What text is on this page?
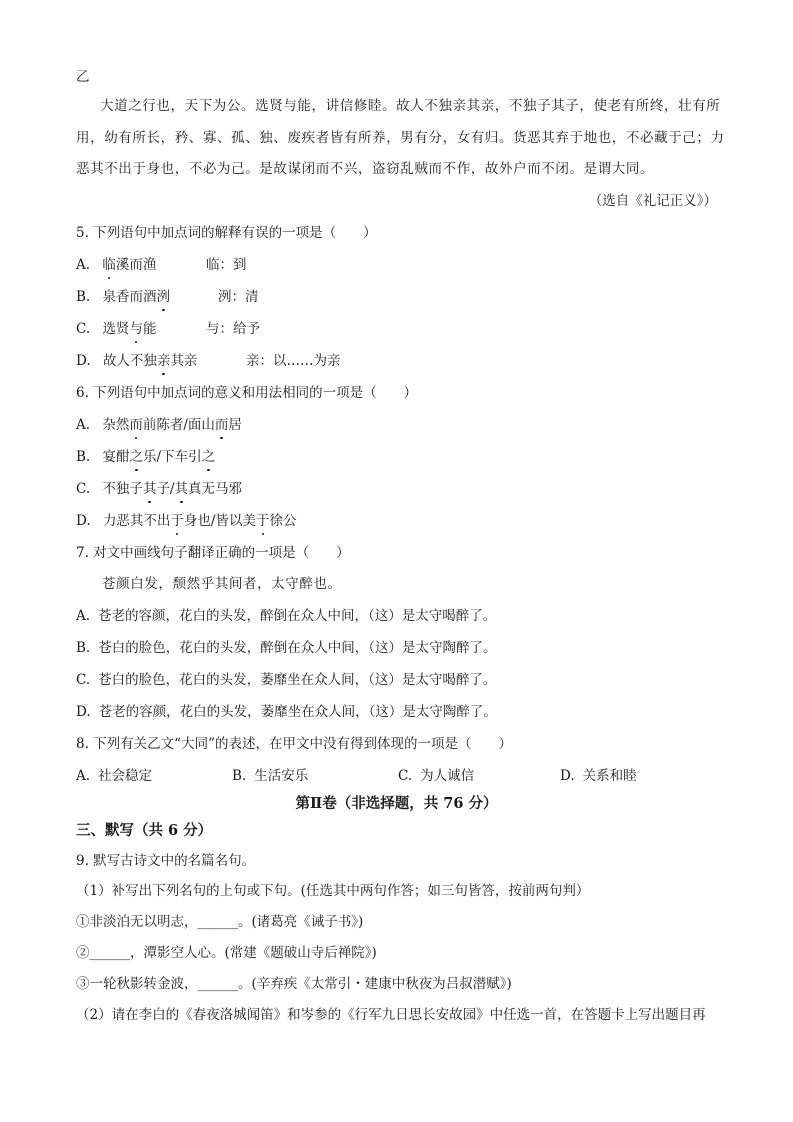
乙
大道之行也，天下为公。选贤与能，讲信修睦。故人不独亲其亲，不独子其子，使老有所终，壮有所
用，幼有所长，矜、寡、孤、独、废疾者皆有所养，男有分，女有归。货恶其弃于地也，不必藏于己；力
恶其不出于身也，不必为己。是故谋闭而不兴，盗窃乱贼而不作，故外户而不闭。是谓大同。
（选自《礼记正义》）
5. 下列语句中加点词的解释有误的一项是（　　）
A. 临溪而渔	临：到
B. 泉香而酒洌	洌：清
C. 选贤与能	与：给予
D. 故人不独亲其亲	亲：以……为亲
6. 下列语句中加点词的意义和用法相同的一项是（　　）
A. 杂然而前陈者/面山而居
B. 宴酣之乐/下车引之
C. 不独子其子/其真无马邪
D. 力恶其不出于身也/皆以美于徐公
7. 对文中画线句子翻译正确的一项是（　　）
苍颜白发，颓然乎其间者，太守醉也。
A. 苍老的容颜，花白的头发，醉倒在众人中间，（这）是太守喝醉了。
B. 苍白的脸色，花白的头发，醉倒在众人中间，（这）是太守陶醉了。
C. 苍白的脸色，花白的头发，萎靡坐在众人间，（这）是太守喝醉了。
D. 苍老的容颜，花白的头发，萎靡坐在众人间，（这）是太守陶醉了。
8. 下列有关乙文“大同”的表述，在甲文中没有得到体现的一项是（　　）
A. 社会稳定	B. 生活安乐	C. 为人诚信	D. 关系和睦
第Ⅱ卷（非选择题，共 76 分）
三、默写（共 6 分）
9. 默写古诗文中的名篇名句。
（1）补写出下列名句的上句或下句。(任选其中两句作答；如三句皆答，按前两句判）
①非淡泊无以明志，______。(诸葛亮《诫子书》)
②______，潭影空人心。(常建《题破山寺后禅院》)
③一轮秋影转金波，______。(辛弃疾《太常引・建康中秋夜为吕叔潜赋》)
（2）请在李白的《春夜洛城闻笛》和岑参的《行军九日思长安故园》中任选一首，在答题卡上写出题目再
